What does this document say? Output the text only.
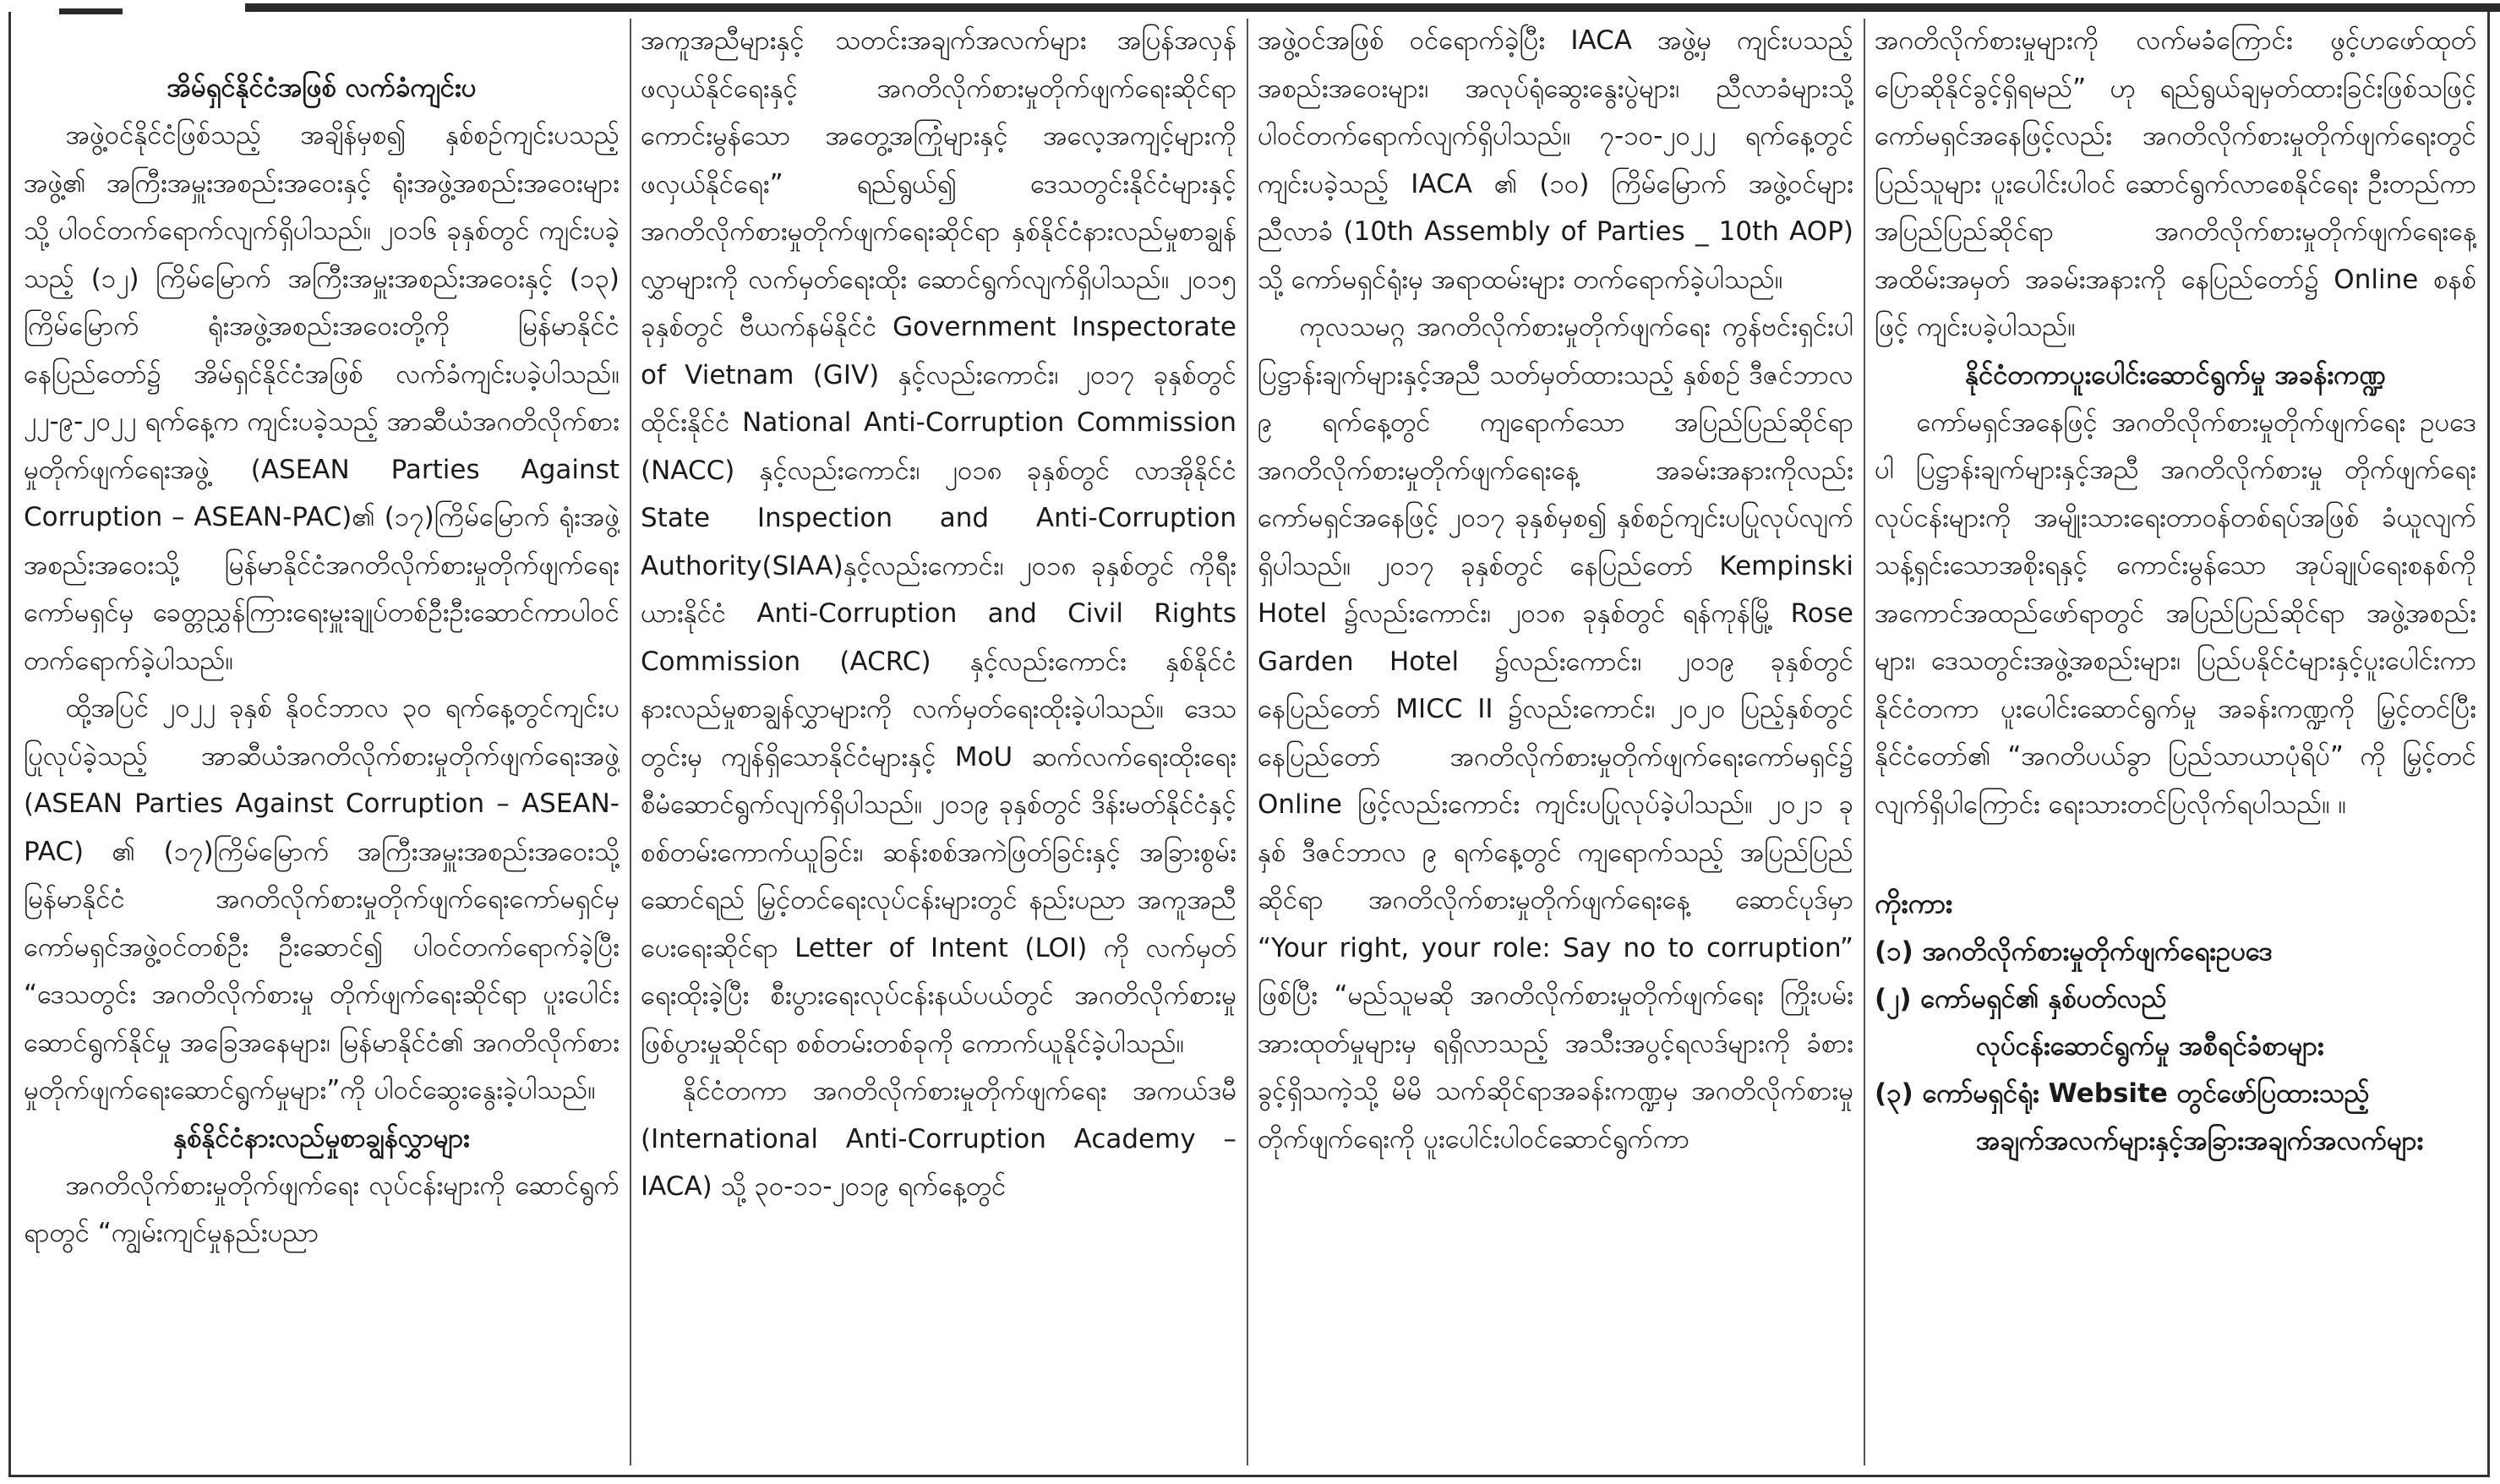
အိမ်ရှင်နိုင်ငံအဖြစ် လက်ခံကျင်းပ

အဖွဲ့ဝင်နိုင်ငံဖြစ်သည့် အချိန်မှစ၍ နှစ်စဉ်ကျင်းပသည့်အဖွဲ့၏ အကြီးအမှူးအစည်းအဝေးနှင့် ရုံးအဖွဲ့အစည်းအဝေးများသို့ ပါဝင်တက်ရောက်လျက်ရှိပါသည်။ ၂၀၁၆ ခုနှစ်တွင် ကျင်းပခဲ့သည့် (၁၂) ကြိမ်မြောက် အကြီးအမှူးအစည်းအဝေးနှင့် (၁၃) ကြိမ်မြောက် ရုံးအဖွဲ့အစည်းအဝေးတို့ကို မြန်မာနိုင်ငံ နေပြည်တော်၌ အိမ်ရှင်နိုင်ငံအဖြစ် လက်ခံကျင်းပခဲ့ပါသည်။ ၂၂-၉-၂၀၂၂ ရက်နေ့က ကျင်းပခဲ့သည့် အာဆီယံအဂတိလိုက်စားမှုတိုက်ဖျက်ရေးအဖွဲ့ (ASEAN Parties Against Corruption – ASEAN-PAC)၏ (၁၇)ကြိမ်မြောက် ရုံးအဖွဲ့အစည်းအဝေးသို့ မြန်မာနိုင်ငံအဂတိလိုက်စားမှုတိုက်ဖျက်ရေးကော်မရှင်မှ ခေတ္တညွှန်ကြားရေးမှူးချုပ်တစ်ဦးဦးဆောင်ကာပါဝင်တက်ရောက်ခဲ့ပါသည်။

ထို့အပြင် ၂၀၂၂ ခုနှစ် နိုဝင်ဘာလ ၃၀ ရက်နေ့တွင်ကျင်းပပြုလုပ်ခဲ့သည့် အာဆီယံအဂတိလိုက်စားမှုတိုက်ဖျက်ရေးအဖွဲ့ (ASEAN Parties Against Corruption – ASEAN-PAC) ၏ (၁၇)ကြိမ်မြောက် အကြီးအမှူးအစည်းအဝေးသို့ မြန်မာနိုင်ငံ အဂတိလိုက်စားမှုတိုက်ဖျက်ရေးကော်မရှင်မှ ကော်မရှင်အဖွဲ့ဝင်တစ်ဦး ဦးဆောင်၍ ပါဝင်တက်ရောက်ခဲ့ပြီး “ဒေသတွင်း အဂတိလိုက်စားမှု တိုက်ဖျက်ရေးဆိုင်ရာ ပူးပေါင်းဆောင်ရွက်နိုင်မှု အခြေအနေများ၊ မြန်မာနိုင်ငံ၏ အဂတိလိုက်စားမှုတိုက်ဖျက်ရေးဆောင်ရွက်မှုများ”ကို ပါဝင်ဆွေးနွေးခဲ့ပါသည်။

နှစ်နိုင်ငံနားလည်မှုစာချွန်လွှာများ

အဂတိလိုက်စားမှုတိုက်ဖျက်ရေး လုပ်ငန်းများကို ဆောင်ရွက်ရာတွင် “ကျွမ်းကျင်မှုနည်းပညာ

အကူအညီများနှင့် သတင်းအချက်အလက်များ အပြန်အလှန်ဖလှယ်နိုင်ရေးနှင့် အဂတိလိုက်စားမှုတိုက်ဖျက်ရေးဆိုင်ရာ ကောင်းမွန်သော အတွေ့အကြုံများနှင့် အလေ့အကျင့်များကို ဖလှယ်နိုင်ရေး” ရည်ရွယ်၍ ဒေသတွင်းနိုင်ငံများနှင့် အဂတိလိုက်စားမှုတိုက်ဖျက်ရေးဆိုင်ရာ နှစ်နိုင်ငံနားလည်မှုစာချွန်လွှာများကို လက်မှတ်ရေးထိုး ဆောင်ရွက်လျက်ရှိပါသည်။ ၂၀၁၅ ခုနှစ်တွင် ဗီယက်နမ်နိုင်ငံ Government Inspectorate of Vietnam (GIV) နှင့်လည်းကောင်း၊ ၂၀၁၇ ခုနှစ်တွင် ထိုင်းနိုင်ငံ National Anti-Corruption Commission (NACC) နှင့်လည်းကောင်း၊ ၂၀၁၈ ခုနှစ်တွင် လာအိုနိုင်ငံ State Inspection and Anti-Corruption Authority(SIAA)နှင့်လည်းကောင်း၊ ၂၀၁၈ ခုနှစ်တွင် ကိုရီးယားနိုင်ငံ Anti-Corruption and Civil Rights Commission (ACRC) နှင့်လည်းကောင်း နှစ်နိုင်ငံ နားလည်မှုစာချွန်လွှာများကို လက်မှတ်ရေးထိုးခဲ့ပါသည်။ ဒေသတွင်းမှ ကျန်ရှိသောနိုင်ငံများနှင့် MoU ဆက်လက်ရေးထိုးရေး စီမံဆောင်ရွက်လျက်ရှိပါသည်။ ၂၀၁၉ ခုနှစ်တွင် ဒိန်းမတ်နိုင်ငံနှင့် စစ်တမ်းကောက်ယူခြင်း၊ ဆန်းစစ်အကဲဖြတ်ခြင်းနှင့် အခြားစွမ်းဆောင်ရည် မြှင့်တင်ရေးလုပ်ငန်းများတွင် နည်းပညာ အကူအညီပေးရေးဆိုင်ရာ Letter of Intent (LOI) ကို လက်မှတ်ရေးထိုးခဲ့ပြီး စီးပွားရေးလုပ်ငန်းနယ်ပယ်တွင် အဂတိလိုက်စားမှု ဖြစ်ပွားမှုဆိုင်ရာ စစ်တမ်းတစ်ခုကို ကောက်ယူနိုင်ခဲ့ပါသည်။

နိုင်ငံတကာ အဂတိလိုက်စားမှုတိုက်ဖျက်ရေး အကယ်ဒမီ (International Anti-Corruption Academy – IACA) သို့ ၃၀-၁၁-၂၀၁၉ ရက်နေ့တွင်

အဖွဲ့ဝင်အဖြစ် ဝင်ရောက်ခဲ့ပြီး IACA အဖွဲ့မှ ကျင်းပသည့် အစည်းအဝေးများ၊ အလုပ်ရုံဆွေးနွေးပွဲများ၊ ညီလာခံများသို့ ပါဝင်တက်ရောက်လျက်ရှိပါသည်။ ၇-၁၀-၂၀၂၂ ရက်နေ့တွင် ကျင်းပခဲ့သည့် IACA ၏ (၁၀) ကြိမ်မြောက် အဖွဲ့ဝင်များ ညီလာခံ (10th Assembly of Parties _ 10th AOP) သို့ ကော်မရှင်ရုံးမှ အရာထမ်းများ တက်ရောက်ခဲ့ပါသည်။

ကုလသမဂ္ဂ အဂတိလိုက်စားမှုတိုက်ဖျက်ရေး ကွန်ဗင်းရှင်းပါ ပြဋ္ဌာန်းချက်များနှင့်အညီ သတ်မှတ်ထားသည့် နှစ်စဉ် ဒီဇင်ဘာလ ၉ ရက်နေ့တွင် ကျရောက်သော အပြည်ပြည်ဆိုင်ရာ အဂတိလိုက်စားမှုတိုက်ဖျက်ရေးနေ့ အခမ်းအနားကိုလည်း ကော်မရှင်အနေဖြင့် ၂၀၁၇ ခုနှစ်မှစ၍ နှစ်စဉ်ကျင်းပပြုလုပ်လျက်ရှိပါသည်။ ၂၀၁၇ ခုနှစ်တွင် နေပြည်တော် Kempinski Hotel ၌လည်းကောင်း၊ ၂၀၁၈ ခုနှစ်တွင် ရန်ကုန်မြို့ Rose Garden Hotel ၌လည်းကောင်း၊ ၂၀၁၉ ခုနှစ်တွင် နေပြည်တော် MICC II ၌လည်းကောင်း၊ ၂၀၂၀ ပြည့်နှစ်တွင် နေပြည်တော် အဂတိလိုက်စားမှုတိုက်ဖျက်ရေးကော်မရှင်၌ Online ဖြင့်လည်းကောင်း ကျင်းပပြုလုပ်ခဲ့ပါသည်။ ၂၀၂၁ ခုနှစ် ဒီဇင်ဘာလ ၉ ရက်နေ့တွင် ကျရောက်သည့် အပြည်ပြည်ဆိုင်ရာ အဂတိလိုက်စားမှုတိုက်ဖျက်ရေးနေ့ ဆောင်ပုဒ်မှာ “Your right, your role: Say no to corruption” ဖြစ်ပြီး “မည်သူမဆို အဂတိလိုက်စားမှုတိုက်ဖျက်ရေး ကြိုးပမ်းအားထုတ်မှုများမှ ရရှိလာသည့် အသီးအပွင့်ရလဒ်များကို ခံစားခွင့်ရှိသကဲ့သို့ မိမိ သက်ဆိုင်ရာအခန်းကဏ္ဍမှ အဂတိလိုက်စားမှု တိုက်ဖျက်ရေးကို ပူးပေါင်းပါဝင်ဆောင်ရွက်ကာ

အဂတိလိုက်စားမှုများကို လက်မခံကြောင်း ဖွင့်ဟဖော်ထုတ်ပြောဆိုနိုင်ခွင့်ရှိရမည်” ဟု ရည်ရွယ်ချမှတ်ထားခြင်းဖြစ်သဖြင့် ကော်မရှင်အနေဖြင့်လည်း အဂတိလိုက်စားမှုတိုက်ဖျက်ရေးတွင် ပြည်သူများ ပူးပေါင်းပါဝင် ဆောင်ရွက်လာစေနိုင်ရေး ဦးတည်ကာ အပြည်ပြည်ဆိုင်ရာ အဂတိလိုက်စားမှုတိုက်ဖျက်ရေးနေ့ အထိမ်းအမှတ် အခမ်းအနားကို နေပြည်တော်၌ Online စနစ်ဖြင့် ကျင်းပခဲ့ပါသည်။

နိုင်ငံတကာပူးပေါင်းဆောင်ရွက်မှု အခန်းကဏ္ဍ

ကော်မရှင်အနေဖြင့် အဂတိလိုက်စားမှုတိုက်ဖျက်ရေး ဥပဒေပါ ပြဋ္ဌာန်းချက်များနှင့်အညီ အဂတိလိုက်စားမှု တိုက်ဖျက်ရေးလုပ်ငန်းများကို အမျိုးသားရေးတာဝန်တစ်ရပ်အဖြစ် ခံယူလျက် သန့်ရှင်းသောအစိုးရနှင့် ကောင်းမွန်သော အုပ်ချုပ်ရေးစနစ်ကို အကောင်အထည်ဖော်ရာတွင် အပြည်ပြည်ဆိုင်ရာ အဖွဲ့အစည်းများ၊ ဒေသတွင်းအဖွဲ့အစည်းများ၊ ပြည်ပနိုင်ငံများနှင့်ပူးပေါင်းကာ နိုင်ငံတကာ ပူးပေါင်းဆောင်ရွက်မှု အခန်းကဏ္ဍကို မြှင့်တင်ပြီး နိုင်ငံတော်၏ “အဂတိပယ်ခွာ ပြည်သာယာပုံရိပ်” ကို မြှင့်တင်လျက်ရှိပါကြောင်း ရေးသားတင်ပြလိုက်ရပါသည်။ ။

ကိုးကား

(၁) အဂတိလိုက်စားမှုတိုက်ဖျက်ရေးဥပဒေ

(၂) ကော်မရှင်၏ နှစ်ပတ်လည်

လုပ်ငန်းဆောင်ရွက်မှု အစီရင်ခံစာများ

(၃) ကော်မရှင်ရုံး Website တွင်ဖော်ပြထားသည့်

အချက်အလက်များနှင့်အခြားအချက်အလက်များ
